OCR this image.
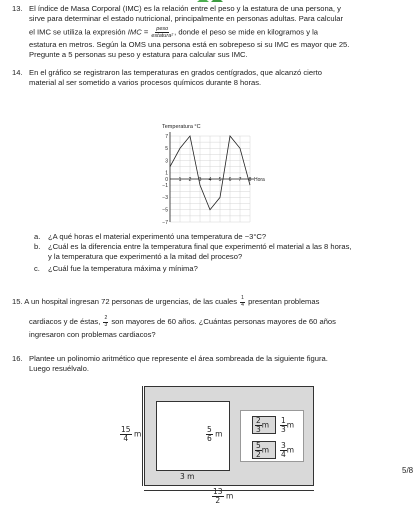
13. El índice de Masa Corporal (IMC) es la relación entre el peso y la estatura de una persona, y

sirve para determinar el estado nutricional, principalmente en personas adultas. Para calcular

el IMC se utiliza la expresión IMC = $\frac{\text{peso}}{\text{estatura²}}$ , donde el peso se mide en kilogramos y la

estatura en metros. Según la OMS una persona está en sobrepeso si su IMC es mayor que 25.

Pregunte a 5 personas su peso y estatura para calcular sus IMC.

14. En el gráfico se registraron las temperaturas en grados centígrados, que alcanzó cierto

material al ser sometido a varios procesos químicos durante 8 horas.

Temperatura °C
Hora
7
5
3
1
0
−1
−3
−5
−7
1 2 3 4 5 6 7 8
a. ¿A qué horas el material experimentó una temperatura de −3°C?

b. ¿Cuál es la diferencia entre la temperatura final que experimentó el material a las 8 horas,

y la temperatura que experimentó a la mitad del proceso?

c. ¿Cuál fue la temperatura máxima y mínima?

15. A un hospital ingresan 72 personas de urgencias, de las cuales $\frac{1}{4}$ presentan problemas

cardiacos y de éstas, $\frac{2}{3}$ son mayores de 60 años. ¿Cuántas personas mayores de 60 años

ingresaron con problemas cardiacos?

16. Plantee un polinomio aritmético que represente el área sombreada de la siguiente figura.

Luego resuélvalo.

$\frac{15}{4}$ m	$\frac{5}{6}$ m
3 m
$\frac{2}{3}$ m $\frac{1}{3}$ m
$\frac{5}{2}$ m $\frac{3}{4}$ m
$\frac{13}{2}$ m
5/8
